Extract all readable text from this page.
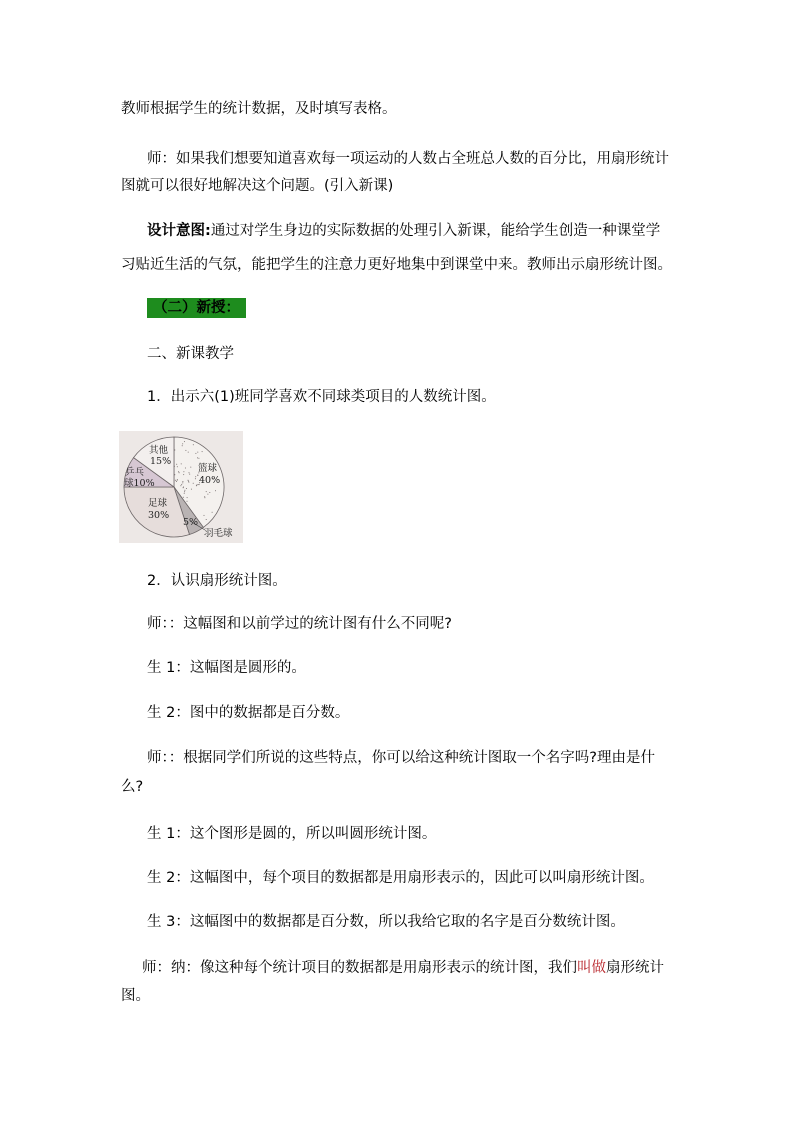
教师根据学生的统计数据，及时填写表格。
师：如果我们想要知道喜欢每一项运动的人数占全班总人数的百分比，用扇形统计
图就可以很好地解决这个问题。(引入新课)
设计意图:通过对学生身边的实际数据的处理引入新课，能给学生创造一种课堂学
习贴近生活的气氛，能把学生的注意力更好地集中到课堂中来。教师出示扇形统计图。
（二）新授：
二、新课教学
1．出示六(1)班同学喜欢不同球类项目的人数统计图。
其他
15%
篮球
40%
乒乓
球10%
足球
30%
5%
羽毛球
2．认识扇形统计图。
师：：这幅图和以前学过的统计图有什么不同呢?
生 1：这幅图是圆形的。
生 2：图中的数据都是百分数。
师：：根据同学们所说的这些特点，你可以给这种统计图取一个名字吗?理由是什
么?
生 1：这个图形是圆的，所以叫圆形统计图。
生 2：这幅图中，每个项目的数据都是用扇形表示的，因此可以叫扇形统计图。
生 3：这幅图中的数据都是百分数，所以我给它取的名字是百分数统计图。
师：纳：像这种每个统计项目的数据都是用扇形表示的统计图，我们叫做扇形统计
图。
